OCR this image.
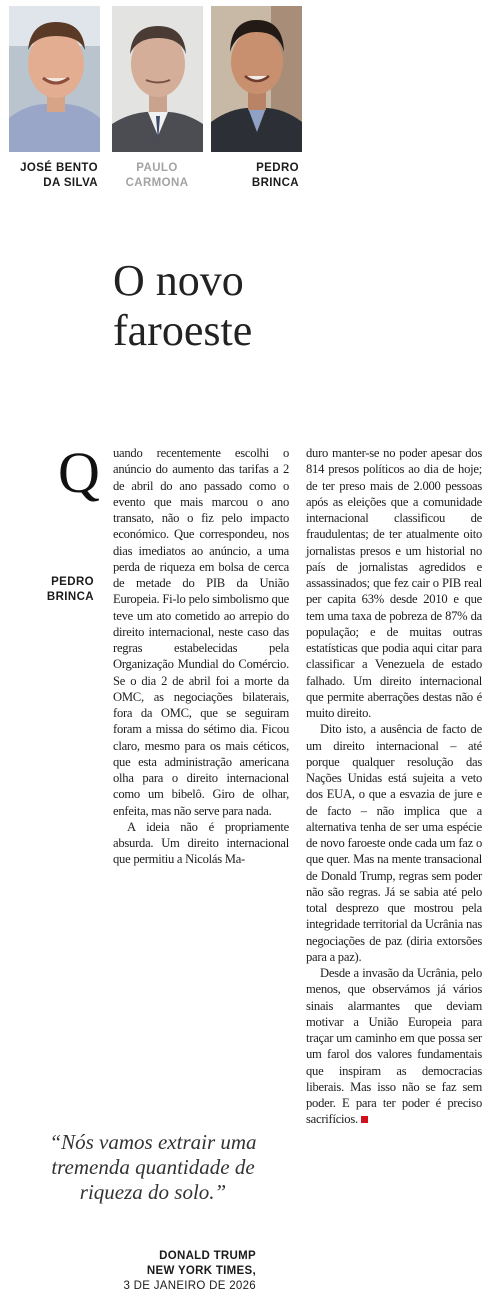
JOSÉ BENTO
DA SILVA
PAULO
CARMONA
PEDRO
BRINCA
O novo
faroeste
PEDRO
BRINCA

Q uando recentemente escolhi o anúncio do aumento das tarifas a 2 de abril do ano passado como o evento que mais marcou o ano transato, não o fiz pelo impacto económico. Que correspondeu, nos dias imediatos ao anúncio, a uma perda de riqueza em bolsa de cerca de metade do PIB da União Europeia. Fi-lo pelo simbolismo que teve um ato cometido ao arrepio do direito internacional, neste caso das regras estabelecidas pela Organização Mundial do Comércio. Se o dia 2 de abril foi a morte da OMC, as negociações bilaterais, fora da OMC, que se seguiram foram a missa do sétimo dia. Ficou claro, mesmo para os mais céticos, que esta administração americana olha para o direito internacional como um bibelô. Giro de olhar, enfeita, mas não serve para nada.

A ideia não é propriamente absurda. Um direito internacional que permitiu a Nicolás Ma-

duro manter-se no poder apesar dos 814 presos políticos ao dia de hoje; de ter preso mais de 2.000 pessoas após as eleições que a comunidade internacional classificou de fraudulentas; de ter atualmente oito jornalistas presos e um historial no país de jornalistas agredidos e assassinados; que fez cair o PIB real per capita 63% desde 2010 e que tem uma taxa de pobreza de 87% da população; e de muitas outras estatísticas que podia aqui citar para classificar a Venezuela de estado falhado. Um direito internacional que permite aberrações destas não é muito direito.

Dito isto, a ausência de facto de um direito internacional – até porque qualquer resolução das Nações Unidas está sujeita a veto dos EUA, o que a esvazia de jure e de facto – não implica que a alternativa tenha de ser uma espécie de novo faroeste onde cada um faz o que quer. Mas na mente transacional de Donald Trump, regras sem poder não são regras. Já se sabia até pelo total desprezo que mostrou pela integridade territorial da Ucrânia nas negociações de paz (diria extorsões para a paz).

Desde a invasão da Ucrânia, pelo menos, que observámos já vários sinais alarmantes que deviam motivar a União Europeia para traçar um caminho em que possa ser um farol dos valores fundamentais que inspiram as democracias liberais. Mas isso não se faz sem poder. E para ter poder é preciso sacrifícios.

“Nós vamos extrair uma
tremenda quantidade de
riqueza do solo.”
DONALD TRUMP
NEW YORK TIMES,
3 DE JANEIRO DE 2026
